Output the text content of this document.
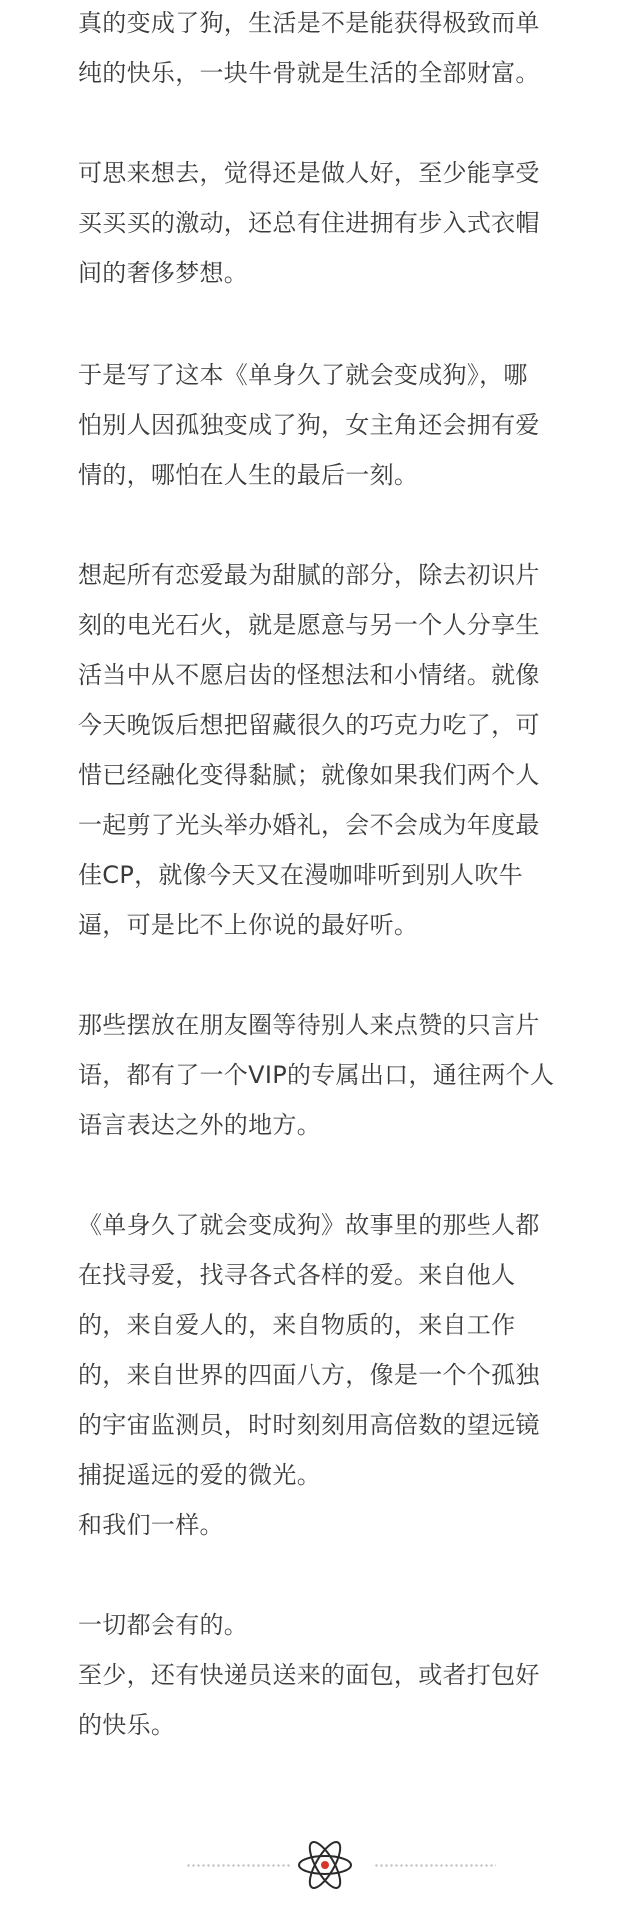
真的变成了狗，生活是不是能获得极致而单
纯的快乐，一块牛骨就是生活的全部财富。
可思来想去，觉得还是做人好，至少能享受
买买买的激动，还总有住进拥有步入式衣帽
间的奢侈梦想。
于是写了这本《单身久了就会变成狗》，哪
怕别人因孤独变成了狗，女主角还会拥有爱
情的，哪怕在人生的最后一刻。
想起所有恋爱最为甜腻的部分，除去初识片
刻的电光石火，就是愿意与另一个人分享生
活当中从不愿启齿的怪想法和小情绪。就像
今天晚饭后想把留藏很久的巧克力吃了，可
惜已经融化变得黏腻；就像如果我们两个人
一起剪了光头举办婚礼，会不会成为年度最
佳CP，就像今天又在漫咖啡听到别人吹牛
逼，可是比不上你说的最好听。
那些摆放在朋友圈等待别人来点赞的只言片
语，都有了一个VIP的专属出口，通往两个人
语言表达之外的地方。
《单身久了就会变成狗》故事里的那些人都
在找寻爱，找寻各式各样的爱。来自他人
的，来自爱人的，来自物质的，来自工作
的，来自世界的四面八方，像是一个个孤独
的宇宙监测员，时时刻刻用高倍数的望远镜
捕捉遥远的爱的微光。
和我们一样。
一切都会有的。
至少，还有快递员送来的面包，或者打包好
的快乐。
